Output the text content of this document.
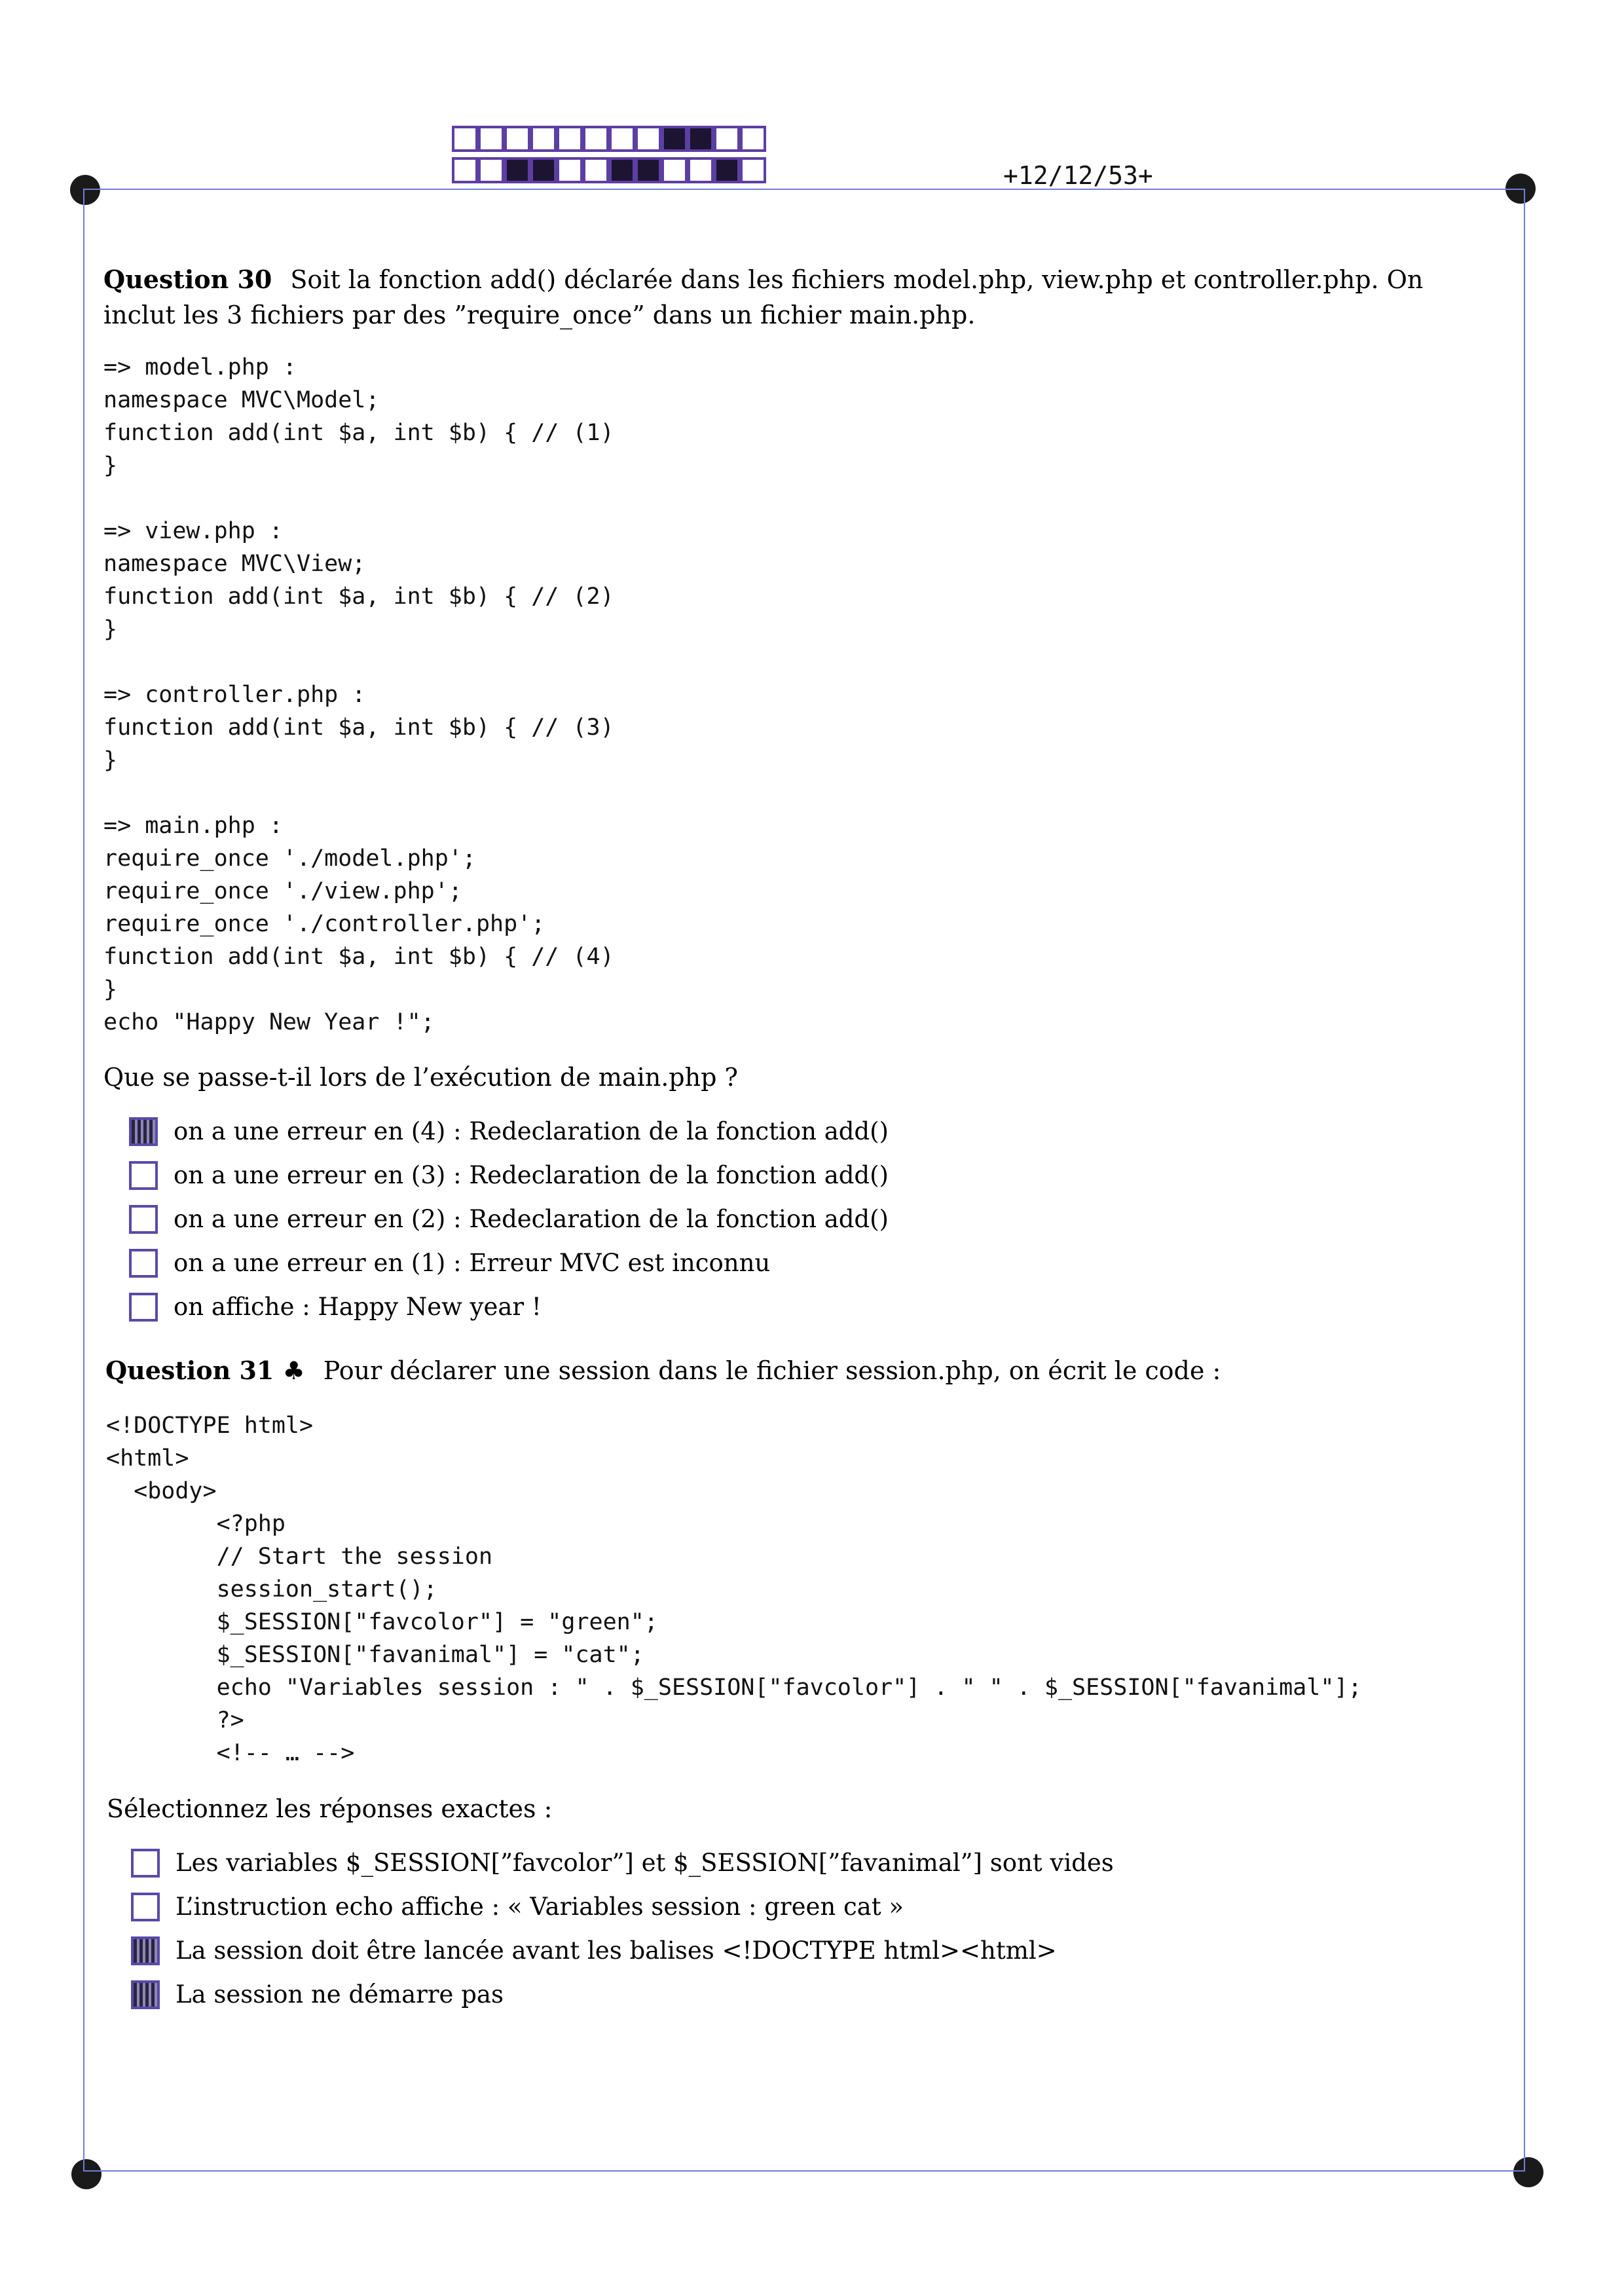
+12/12/53+
Question 30 Soit la fonction add() déclarée dans les fichiers model.php, view.php et controller.php. On inclut les 3 fichiers par des ”require_once” dans un fichier main.php.
=> model.php :
namespace MVC\Model;
function add(int $a, int $b) { // (1)
}

=> view.php :
namespace MVC\View;
function add(int $a, int $b) { // (2)
}

=> controller.php :
function add(int $a, int $b) { // (3)
}

=> main.php :
require_once './model.php';
require_once './view.php';
require_once './controller.php';
function add(int $a, int $b) { // (4)
}
echo "Happy New Year !";
Que se passe-t-il lors de l’exécution de main.php ?
on a une erreur en (4) : Redeclaration de la fonction add()
on a une erreur en (3) : Redeclaration de la fonction add()
on a une erreur en (2) : Redeclaration de la fonction add()
on a une erreur en (1) : Erreur MVC est inconnu
on affiche : Happy New year !
Question 31 ♣ Pour déclarer une session dans le fichier session.php, on écrit le code :
<!DOCTYPE html>
<html>
<body>
<?php
// Start the session
session_start();
$_SESSION["favcolor"] = "green";
$_SESSION["favanimal"] = "cat";
echo "Variables session : " . $_SESSION["favcolor"] . " " . $_SESSION["favanimal"];
?>
<!-- … -->
Sélectionnez les réponses exactes :
Les variables $_SESSION[”favcolor”] et $_SESSION[”favanimal”] sont vides
L’instruction echo affiche : « Variables session : green cat »
La session doit être lancée avant les balises <!DOCTYPE html><html>
La session ne démarre pas
